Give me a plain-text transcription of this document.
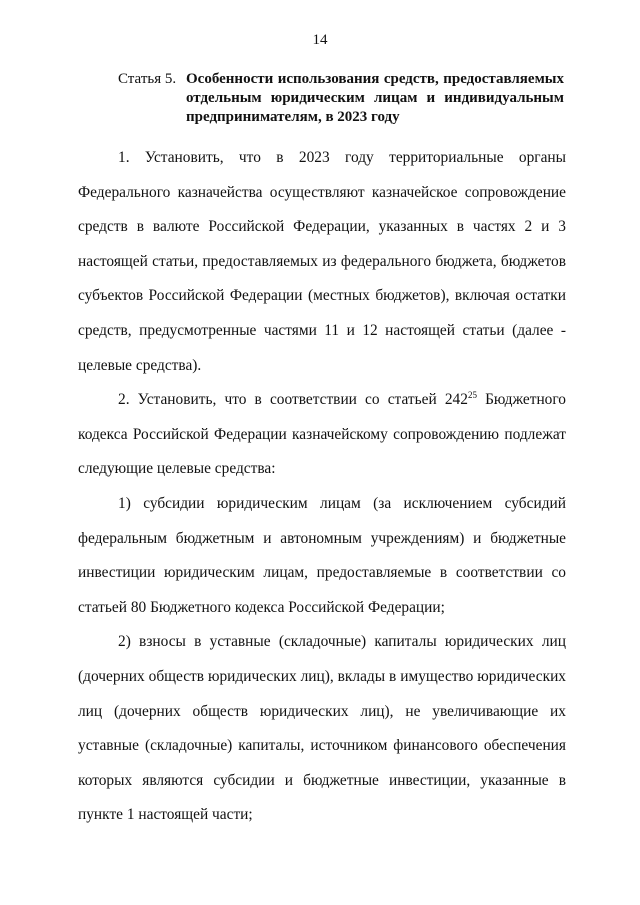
14
Статья 5. Особенности использования средств, предоставляемых отдельным юридическим лицам и индивидуальным предпринимателям, в 2023 году

1. Установить, что в 2023 году территориальные органы Федерального казначейства осуществляют казначейское сопровождение средств в валюте Российской Федерации, указанных в частях 2 и 3 настоящей статьи, предоставляемых из федерального бюджета, бюджетов субъектов Российской Федерации (местных бюджетов), включая остатки средств, предусмотренные частями 11 и 12 настоящей статьи (далее - целевые средства).

2. Установить, что в соответствии со статьей $242^{25}$ Бюджетного кодекса Российской Федерации казначейскому сопровождению подлежат следующие целевые средства:

1) субсидии юридическим лицам (за исключением субсидий федеральным бюджетным и автономным учреждениям) и бюджетные инвестиции юридическим лицам, предоставляемые в соответствии со статьей 80 Бюджетного кодекса Российской Федерации;

2) взносы в уставные (складочные) капиталы юридических лиц (дочерних обществ юридических лиц), вклады в имущество юридических лиц (дочерних обществ юридических лиц), не увеличивающие их уставные (складочные) капиталы, источником финансового обеспечения которых являются субсидии и бюджетные инвестиции, указанные в пункте 1 настоящей части;
